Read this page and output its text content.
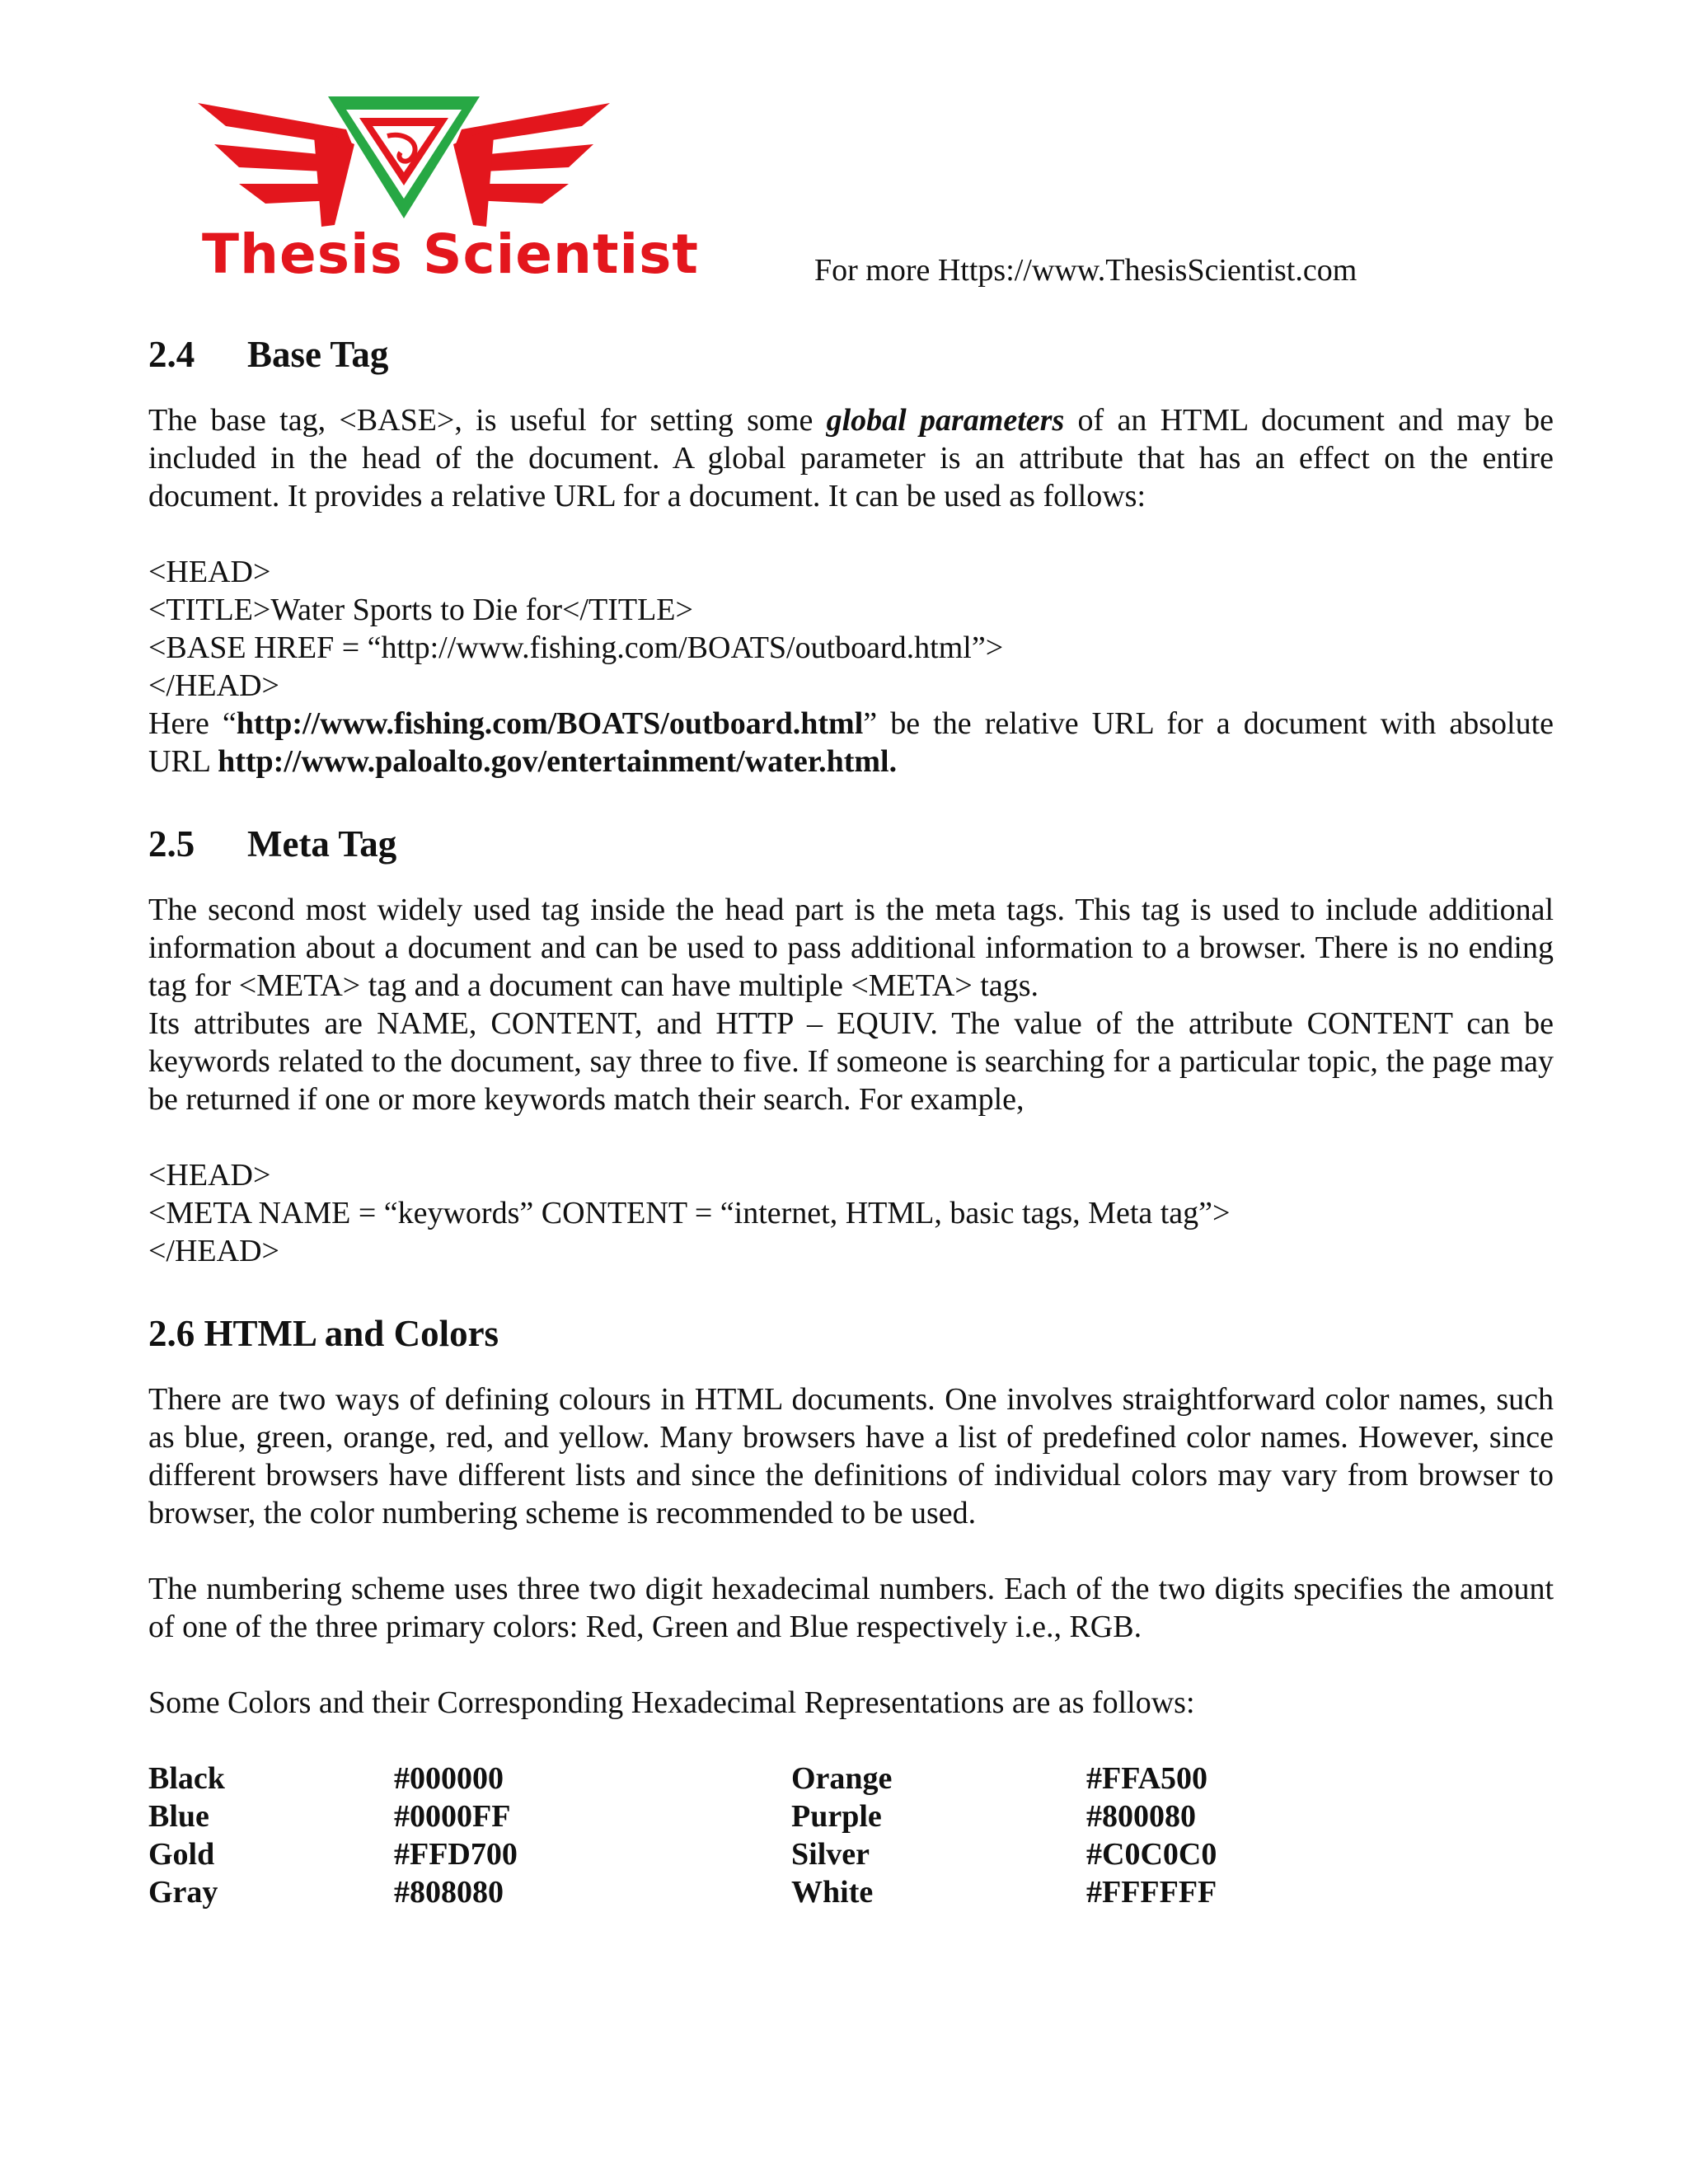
Thesis Scientist	For more Https://www.ThesisScientist.com
2.4 Base Tag

The base tag, <BASE>, is useful for setting some global parameters of an HTML document and may be included in the head of the document. A global parameter is an attribute that has an effect on the entire document. It provides a relative URL for a document. It can be used as follows:

<HEAD>
<TITLE>Water Sports to Die for</TITLE>
<BASE HREF = “http://www.fishing.com/BOATS/outboard.html”>
</HEAD>

Here “http://www.fishing.com/BOATS/outboard.html” be the relative URL for a document with absolute URL http://www.paloalto.gov/entertainment/water.html.

2.5 Meta Tag

The second most widely used tag inside the head part is the meta tags. This tag is used to include additional information about a document and can be used to pass additional information to a browser. There is no ending tag for <META> tag and a document can have multiple <META> tags.

Its attributes are NAME, CONTENT, and HTTP – EQUIV. The value of the attribute CONTENT can be keywords related to the document, say three to five. If someone is searching for a particular topic, the page may be returned if one or more keywords match their search. For example,

<HEAD>
<META NAME = “keywords” CONTENT = “internet, HTML, basic tags, Meta tag”>
</HEAD>
2.6 HTML and Colors

There are two ways of defining colours in HTML documents. One involves straightforward color names, such as blue, green, orange, red, and yellow. Many browsers have a list of predefined color names. However, since different browsers have different lists and since the definitions of individual colors may vary from browser to browser, the color numbering scheme is recommended to be used.

The numbering scheme uses three two digit hexadecimal numbers. Each of the two digits specifies the amount of one of the three primary colors: Red, Green and Blue respectively i.e., RGB.

Some Colors and their Corresponding Hexadecimal Representations are as follows:

Black	#000000	Orange	#FFA500
Blue	#0000FF	Purple	#800080
Gold	#FFD700	Silver	#C0C0C0
Gray	#808080	White	#FFFFFF
